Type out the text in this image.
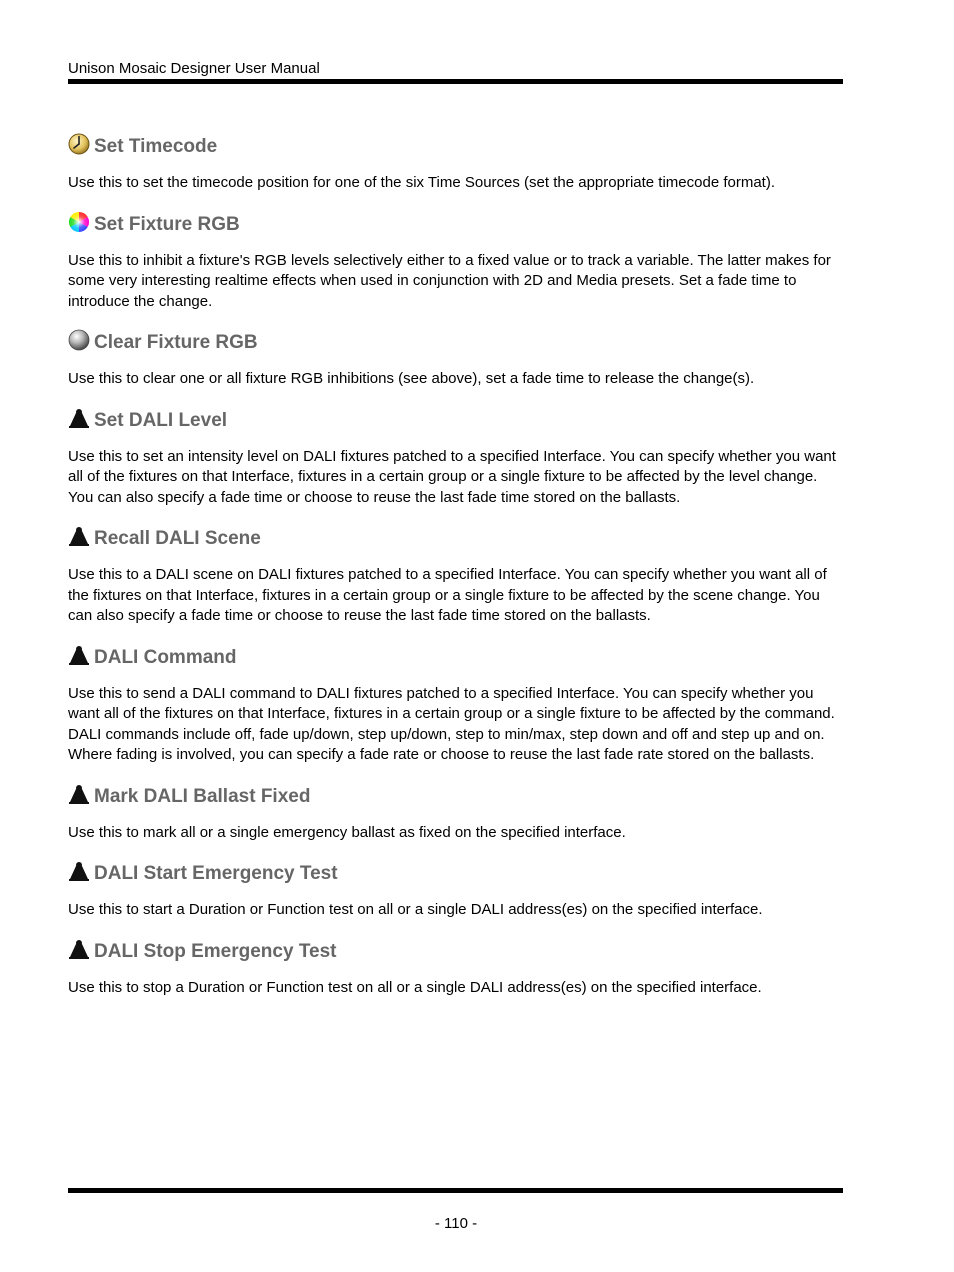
Unison Mosaic Designer User Manual
Set Timecode

Use this to set the timecode position for one of the six Time Sources (set the appropriate timecode format).

Set Fixture RGB

Use this to inhibit a fixture's RGB levels selectively either to a fixed value or to track a variable. The latter makes for some very interesting realtime effects when used in conjunction with 2D and Media presets. Set a fade time to introduce the change.

Clear Fixture RGB

Use this to clear one or all fixture RGB inhibitions (see above), set a fade time to release the change(s).

Set DALI Level

Use this to set an intensity level on DALI fixtures patched to a specified Interface. You can specify whether you want all of the fixtures on that Interface, fixtures in a certain group or a single fixture to be affected by the level change. You can also specify a fade time or choose to reuse the last fade time stored on the ballasts.

Recall DALI Scene

Use this to a DALI scene on DALI fixtures patched to a specified Interface. You can specify whether you want all of the fixtures on that Interface, fixtures in a certain group or a single fixture to be affected by the scene change. You can also specify a fade time or choose to reuse the last fade time stored on the ballasts.

DALI Command

Use this to send a DALI command to DALI fixtures patched to a specified Interface. You can specify whether you want all of the fixtures on that Interface, fixtures in a certain group or a single fixture to be affected by the command. DALI commands include off, fade up/down, step up/down, step to min/max, step down and off and step up and on. Where fading is involved, you can specify a fade rate or choose to reuse the last fade rate stored on the ballasts.

Mark DALI Ballast Fixed

Use this to mark all or a single emergency ballast as fixed on the specified interface.

DALI Start Emergency Test

Use this to start a Duration or Function test on all or a single DALI address(es) on the specified interface.

DALI Stop Emergency Test

Use this to stop a Duration or Function test on all or a single DALI address(es) on the specified interface.

- 110 -
